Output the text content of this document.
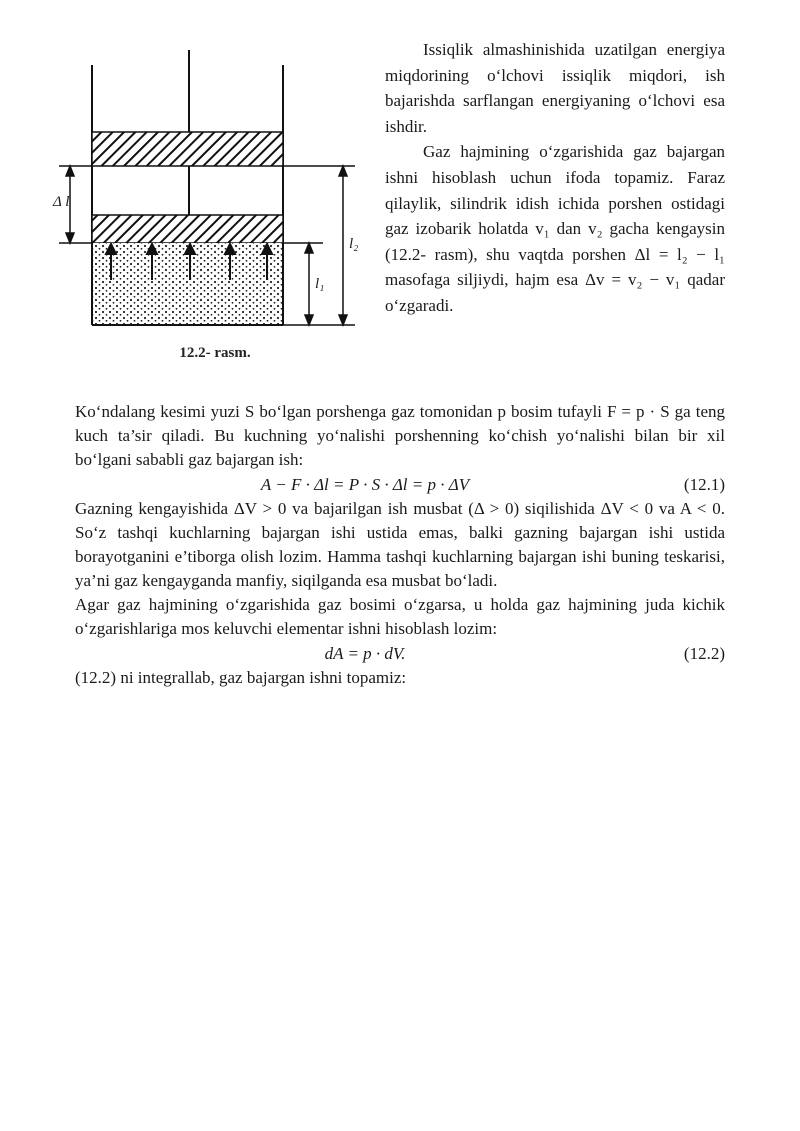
Δ l
l₂
l₁
12.2- rasm.

Issiqlik almashinishida uzatilgan energiya miqdorining o‘lchovi issiqlik miqdori, ish bajarishda sarflangan energiyaning o‘lchovi esa ishdir.

Gaz hajmining o‘zgarishida gaz bajargan ishni hisoblash uchun ifoda topamiz. Faraz qilaylik, silindrik idish ichida porshen ostidagi gaz izobarik holatda v₁ dan v₂ gacha kengaysin (12.2- rasm), shu vaqtda porshen Δl = l₂ − l₁ masofaga siljiydi, hajm esa Δv = v₂ − v₁ qadar o‘zgaradi.

Ko‘ndalang kesimi yuzi S bo‘lgan porshenga gaz tomonidan p bosim tufayli F = p · S ga teng kuch ta’sir qiladi. Bu kuchning yo‘nalishi porshenning ko‘chish yo‘nalishi bilan bir xil bo‘lgani sababli gaz bajargan ish:

A − F · Δl = P · S · Δl = p · ΔV	(12.1)

Gazning kengayishida ΔV > 0 va bajarilgan ish musbat (Δ > 0) siqilishida ΔV < 0 va A < 0. So‘z tashqi kuchlarning bajargan ishi ustida emas, balki gazning bajargan ishi ustida borayotganini e’tiborga olish lozim. Hamma tashqi kuchlarning bajargan ishi buning teskarisi, ya’ni gaz kengayganda manfiy, siqilganda esa musbat bo‘ladi.

Agar gaz hajmining o‘zgarishida gaz bosimi o‘zgarsa, u holda gaz hajmining juda kichik o‘zgarishlariga mos keluvchi elementar ishni hisoblash lozim:

dA = p · dV.	(12.2)

(12.2) ni integrallab, gaz bajargan ishni topamiz:
